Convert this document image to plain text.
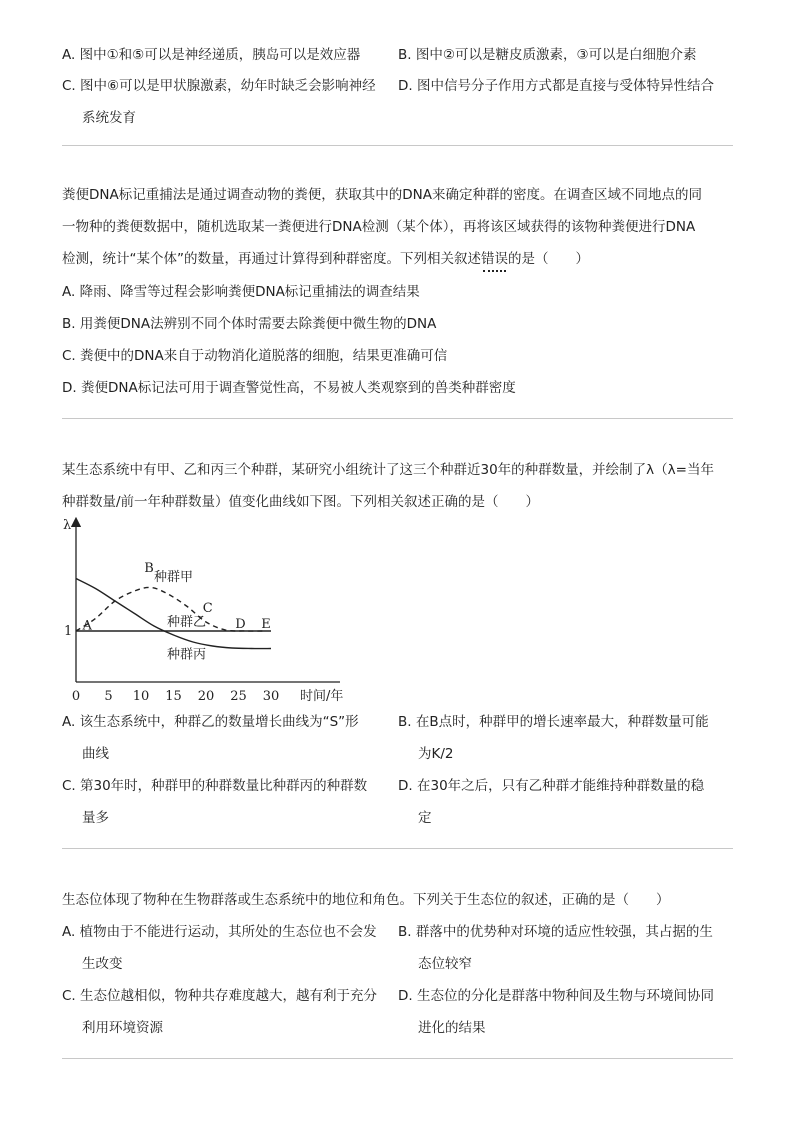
A. 图中①和⑤可以是神经递质，胰岛可以是效应器	B. 图中②可以是糖皮质激素，③可以是白细胞介素
C. 图中⑥可以是甲状腺激素，幼年时缺乏会影响神经
系统发育
D. 图中信号分子作用方式都是直接与受体特异性结合
粪便DNA标记重捕法是通过调查动物的粪便，获取其中的DNA来确定种群的密度。在调查区域不同地点的同
一物种的粪便数据中，随机选取某一粪便进行DNA检测（某个体），再将该区域获得的该物种粪便进行DNA
检测，统计“某个体”的数量，再通过计算得到种群密度。下列相关叙述错误的是（　　）
A. 降雨、降雪等过程会影响粪便DNA标记重捕法的调查结果
B. 用粪便DNA法辨别不同个体时需要去除粪便中微生物的DNA
C. 粪便中的DNA来自于动物消化道脱落的细胞，结果更准确可信
D. 粪便DNA标记法可用于调查警觉性高，不易被人类观察到的兽类种群密度
某生态系统中有甲、乙和丙三个种群，某研究小组统计了这三个种群近30年的种群数量，并绘制了λ（λ=当年
种群数量/前一年种群数量）值变化曲线如下图。下列相关叙述正确的是（　　）
0 5 10 15 20 25 30
1
λ
时间/年
种群甲
种群乙
种群丙
A
B
C
D E
A. 该生态系统中，种群乙的数量增长曲线为“S”形
曲线
B. 在B点时，种群甲的增长速率最大，种群数量可能
为K/2
C. 第30年时，种群甲的种群数量比种群丙的种群数
量多
D. 在30年之后，只有乙种群才能维持种群数量的稳
定
生态位体现了物种在生物群落或生态系统中的地位和角色。下列关于生态位的叙述，正确的是（　　）
A. 植物由于不能进行运动，其所处的生态位也不会发
生改变
B. 群落中的优势种对环境的适应性较强，其占据的生
态位较窄
C. 生态位越相似，物种共存难度越大，越有利于充分
利用环境资源
D. 生态位的分化是群落中物种间及生物与环境间协同
进化的结果
